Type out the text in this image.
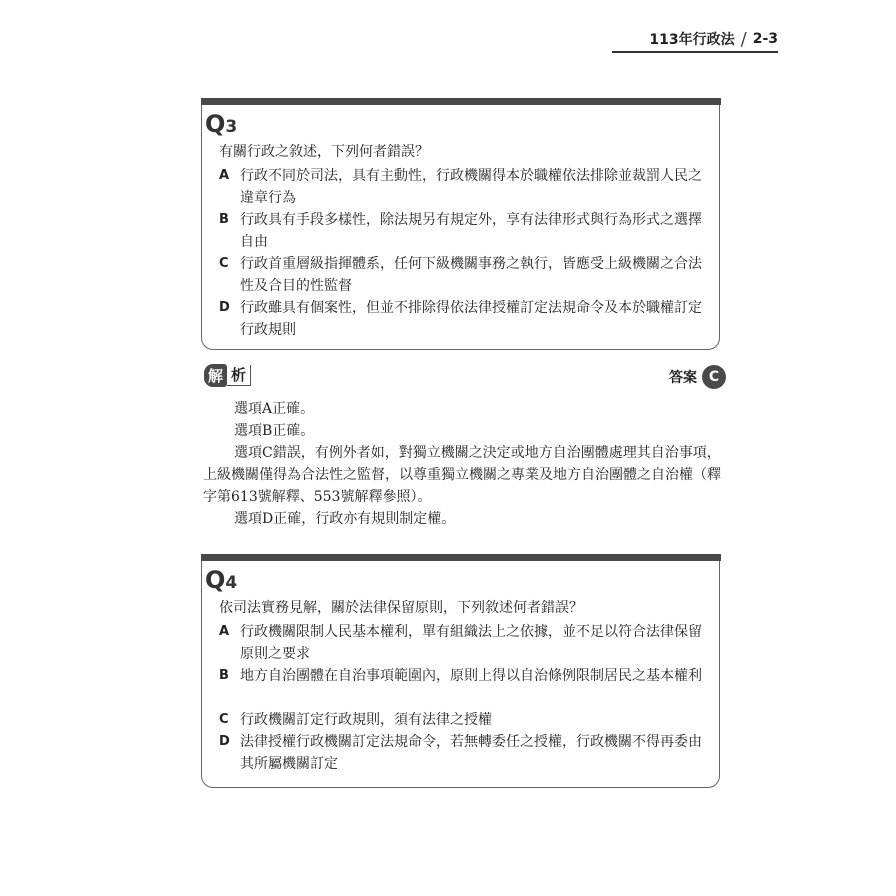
113年行政法 / 2-3
Q3
有關行政之敘述，下列何者錯誤？
A 行政不同於司法，具有主動性，行政機關得本於職權依法排除並裁罰人民之違章行為
B 行政具有手段多樣性，除法規另有規定外，享有法律形式與行為形式之選擇自由
C 行政首重層級指揮體系，任何下級機關事務之執行，皆應受上級機關之合法性及合目的性監督
D 行政雖具有個案性，但並不排除得依法律授權訂定法規命令及本於職權訂定行政規則
解 析	答案 C
選項A正確。
選項B正確。
選項C錯誤，有例外者如，對獨立機關之決定或地方自治團體處理其自治事項，上級機關僅得為合法性之監督，以尊重獨立機關之專業及地方自治團體之自治權（釋字第613號解釋、553號解釋參照）。
選項D正確，行政亦有規則制定權。
Q4
依司法實務見解，關於法律保留原則，下列敘述何者錯誤？
A 行政機關限制人民基本權利，單有組織法上之依據，並不足以符合法律保留原則之要求
B 地方自治團體在自治事項範圍內，原則上得以自治條例限制居民之基本權利
C 行政機關訂定行政規則，須有法律之授權
D 法律授權行政機關訂定法規命令，若無轉委任之授權，行政機關不得再委由其所屬機關訂定
